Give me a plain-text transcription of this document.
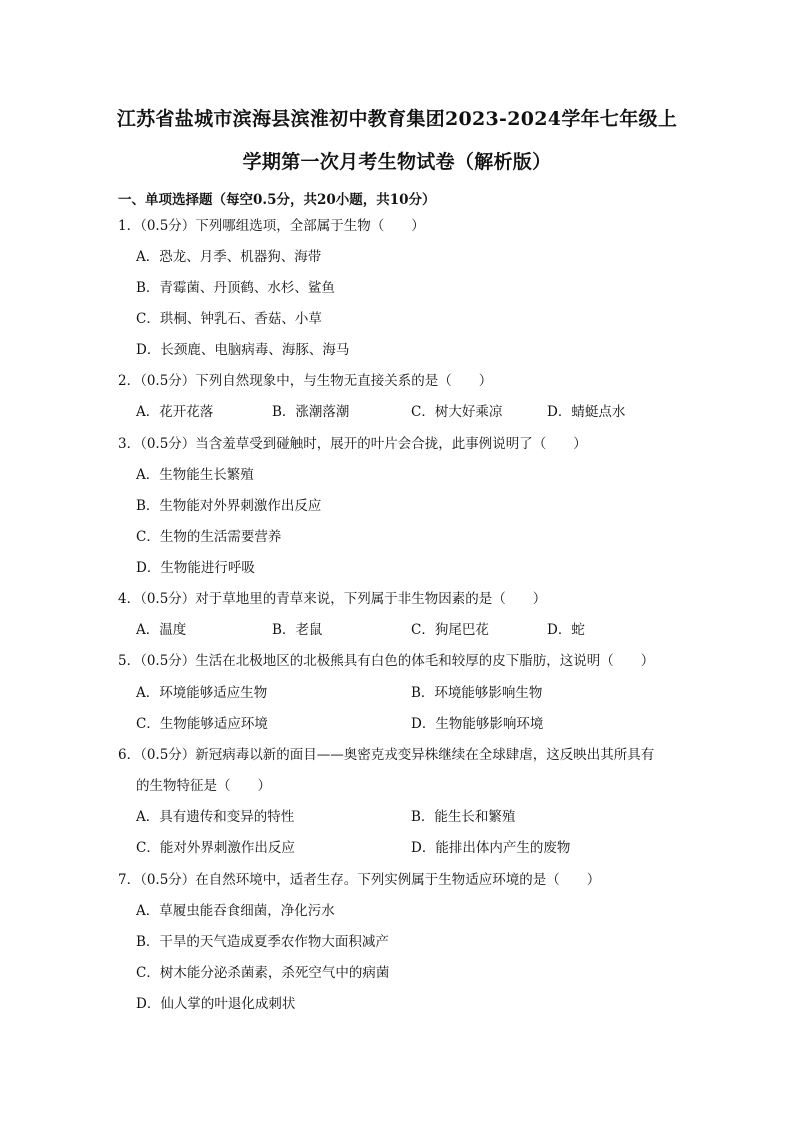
江苏省盐城市滨海县滨淮初中教育集团2023-2024学年七年级上
学期第一次月考生物试卷（解析版）
一、单项选择题（每空0.5分，共20小题，共10分）
1．（0.5分）下列哪组选项，全部属于生物（　　）
A．恐龙、月季、机器狗、海带
B．青霉菌、丹顶鹤、水杉、鲨鱼
C．珙桐、钟乳石、香菇、小草
D．长颈鹿、电脑病毒、海豚、海马
2．（0.5分）下列自然现象中，与生物无直接关系的是（　　）
A．花开花落	B．涨潮落潮	C．树大好乘凉	D．蜻蜓点水
3．（0.5分）当含羞草受到碰触时，展开的叶片会合拢，此事例说明了（　　）
A．生物能生长繁殖
B．生物能对外界刺激作出反应
C．生物的生活需要营养
D．生物能进行呼吸
4．（0.5分）对于草地里的青草来说，下列属于非生物因素的是（　　）
A．温度	B．老鼠	C．狗尾巴花	D．蛇
5．（0.5分）生活在北极地区的北极熊具有白色的体毛和较厚的皮下脂肪，这说明（　　）
A．环境能够适应生物	B．环境能够影响生物
C．生物能够适应环境	D．生物能够影响环境
6．（0.5分）新冠病毒以新的面目——奥密克戎变异株继续在全球肆虐，这反映出其所具有
的生物特征是（　　）
A．具有遗传和变异的特性	B．能生长和繁殖
C．能对外界刺激作出反应	D．能排出体内产生的废物
7．（0.5分）在自然环境中，适者生存。下列实例属于生物适应环境的是（　　）
A．草履虫能吞食细菌，净化污水
B．干旱的天气造成夏季农作物大面积减产
C．树木能分泌杀菌素，杀死空气中的病菌
D．仙人掌的叶退化成刺状
